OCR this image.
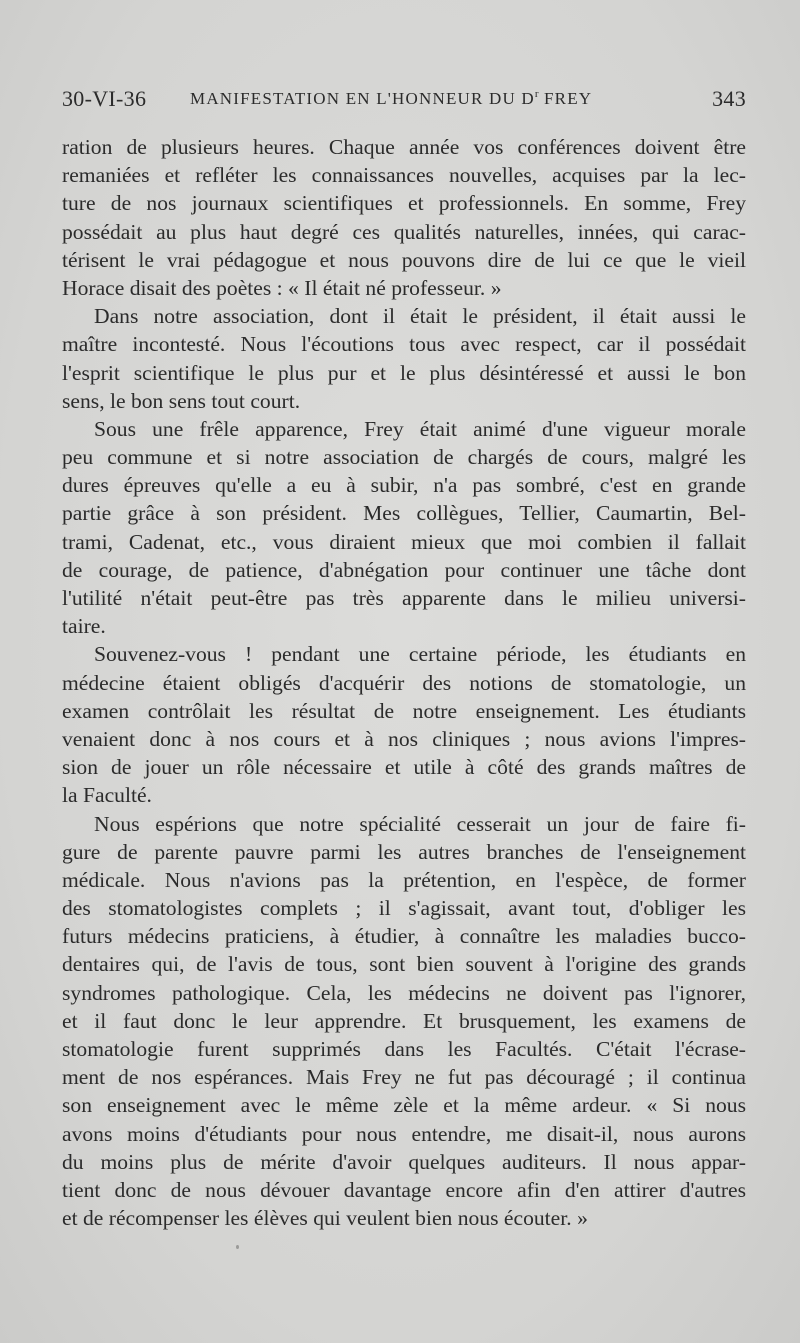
30-VI-36	MANIFESTATION EN L'HONNEUR DU $D^r$ FREY	343
ration de plusieurs heures. Chaque année vos conférences doivent être
remaniées et refléter les connaissances nouvelles, acquises par la lec-
ture de nos journaux scientifiques et professionnels. En somme, Frey
possédait au plus haut degré ces qualités naturelles, innées, qui carac-
térisent le vrai pédagogue et nous pouvons dire de lui ce que le vieil
Horace disait des poètes : « Il était né professeur. »
Dans notre association, dont il était le président, il était aussi le
maître incontesté. Nous l'écoutions tous avec respect, car il possédait
l'esprit scientifique le plus pur et le plus désintéressé et aussi le bon
sens, le bon sens tout court.
Sous une frêle apparence, Frey était animé d'une vigueur morale
peu commune et si notre association de chargés de cours, malgré les
dures épreuves qu'elle a eu à subir, n'a pas sombré, c'est en grande
partie grâce à son président. Mes collègues, Tellier, Caumartin, Bel-
trami, Cadenat, etc., vous diraient mieux que moi combien il fallait
de courage, de patience, d'abnégation pour continuer une tâche dont
l'utilité n'était peut-être pas très apparente dans le milieu universi-
taire.
Souvenez-vous ! pendant une certaine période, les étudiants en
médecine étaient obligés d'acquérir des notions de stomatologie, un
examen contrôlait les résultat de notre enseignement. Les étudiants
venaient donc à nos cours et à nos cliniques ; nous avions l'impres-
sion de jouer un rôle nécessaire et utile à côté des grands maîtres de
la Faculté.
Nous espérions que notre spécialité cesserait un jour de faire fi-
gure de parente pauvre parmi les autres branches de l'enseignement
médicale. Nous n'avions pas la prétention, en l'espèce, de former
des stomatologistes complets ; il s'agissait, avant tout, d'obliger les
futurs médecins praticiens, à étudier, à connaître les maladies bucco-
dentaires qui, de l'avis de tous, sont bien souvent à l'origine des grands
syndromes pathologique. Cela, les médecins ne doivent pas l'ignorer,
et il faut donc le leur apprendre. Et brusquement, les examens de
stomatologie furent supprimés dans les Facultés. C'était l'écrase-
ment de nos espérances. Mais Frey ne fut pas découragé ; il continua
son enseignement avec le même zèle et la même ardeur. « Si nous
avons moins d'étudiants pour nous entendre, me disait-il, nous aurons
du moins plus de mérite d'avoir quelques auditeurs. Il nous appar-
tient donc de nous dévouer davantage encore afin d'en attirer d'autres
et de récompenser les élèves qui veulent bien nous écouter. »
